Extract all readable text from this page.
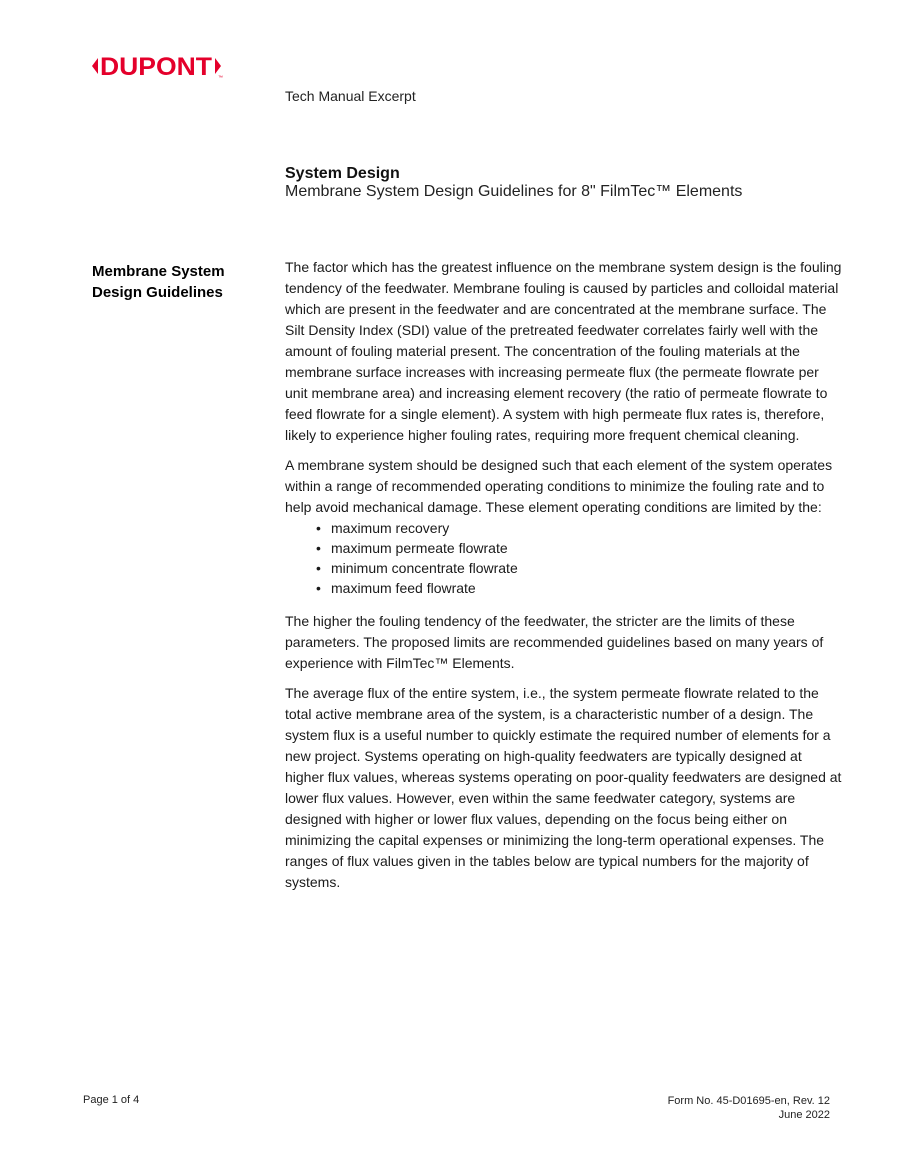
DUPONT ™
Tech Manual Excerpt
System Design
Membrane System Design Guidelines for 8" FilmTec™ Elements
Membrane System Design Guidelines

The factor which has the greatest influence on the membrane system design is the fouling tendency of the feedwater. Membrane fouling is caused by particles and colloidal material which are present in the feedwater and are concentrated at the membrane surface. The Silt Density Index (SDI) value of the pretreated feedwater correlates fairly well with the amount of fouling material present. The concentration of the fouling materials at the membrane surface increases with increasing permeate flux (the permeate flowrate per unit membrane area) and increasing element recovery (the ratio of permeate flowrate to feed flowrate for a single element). A system with high permeate flux rates is, therefore, likely to experience higher fouling rates, requiring more frequent chemical cleaning.

A membrane system should be designed such that each element of the system operates within a range of recommended operating conditions to minimize the fouling rate and to help avoid mechanical damage. These element operating conditions are limited by the:

• maximum recovery
• maximum permeate flowrate
• minimum concentrate flowrate
• maximum feed flowrate

The higher the fouling tendency of the feedwater, the stricter are the limits of these parameters. The proposed limits are recommended guidelines based on many years of experience with FilmTec™ Elements.

The average flux of the entire system, i.e., the system permeate flowrate related to the total active membrane area of the system, is a characteristic number of a design. The system flux is a useful number to quickly estimate the required number of elements for a new project. Systems operating on high-quality feedwaters are typically designed at higher flux values, whereas systems operating on poor-quality feedwaters are designed at lower flux values. However, even within the same feedwater category, systems are designed with higher or lower flux values, depending on the focus being either on minimizing the capital expenses or minimizing the long-term operational expenses. The ranges of flux values given in the tables below are typical numbers for the majority of systems.

Page 1 of 4	Form No. 45-D01695-en, Rev. 12
June 2022
